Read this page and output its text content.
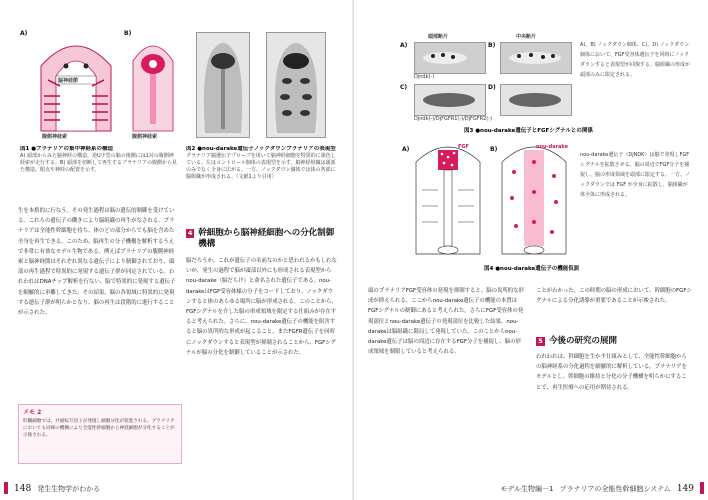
A)	B)
脳神経節
腹側神経索	腹側神経索
図1 ●プラナリアの集中神経系の構造
A) 頭部からみた脳神経の構造。逆U字型の脳の後側には1対の腹側神経索が走行する。B) 頭部を切断して再生するプラナリアの腹側から見た構造。眼点や神経の配置を示す。
図2 ●nou-darake遺伝子ノックダウンプラナリアの表現型
グラナリア脳遺伝子プローブを用いて脳神経細胞を特異的に染色している。左はコントロール個体の表現型を示す。脳神経組織は頭部のみでなく全身に広がる。一方、ノックダウン個体では体の各部に脳組織が形成される。（文献1より引用）
生を本格的に行なう。その発生過程は脳の遺伝的制御を受けている。これらの遺伝子の働きにより脳組織の再生がなされる。プラナリアは全能性幹細胞を持ち、体のどの部分からでも脳を含めた全身を再生できる。このため、脳再生の分子機構を解析するうえで非常に有効なモデル生物である。例えばプラナリアの腹側神経索と脳神経節はそれぞれ異なる遺伝子により制御されており、頭部の再生過程で特異的に発現する遺伝子群が同定されている。われわれはDNAチップ解析を行ない、脳で特異的に発現する遺伝子を網羅的に単離してきた。その結果、脳の各領域に特異的に発現する遺伝子群が明らかとなり、脳の再生は段階的に進行することが示された。
4 幹細胞から脳神経細胞への分化制御機構
脳だろうか。これが遺伝子の名前なのかと思われるかもしれないが、発生の過程で脳が頭部以外にも形成される表現型からnou-darake（脳だらけ）と命名された遺伝子である。nou-darakeはFGF受容体様の分子をコードしており、ノックダウンすると体のあらゆる場所に脳が形成される。このことから、FGFシグナルを介した脳の形成領域を限定する仕組みが存在すると考えられた。さらに、nou-darake遺伝子の機能を阻害すると脳の異所的な形成が起こること、またFGFR遺伝子を同時にノックダウンすると表現型が抑制されることから、FGFシグナルが脳の分化を制御していることが示された。
メモ 2
肝臓細胞では、共通転写因子が発現し細胞分化が促進される。プラナリアにおいても同様の機構により全能性幹細胞から神経細胞が分化することが示唆される。
148 発生生物学がわかる
頭部断片	中央断片
A)	B)
Djndk(-)
C)	D)
Djndk(-)/DjFGFR1(-)/DjFGFR2(-)
A)、B) ノックダウン個体。C)、D) ノックダウン個体において、FGF受容体遺伝子を同時にノックダウンすると表現型が回復する。脳組織の形成が頭部のみに限定される。
図3 ●nou-darake遺伝子とFGFシグナルとの関係
A)	B)
FGF	nou-darake
nou-darake遺伝子（DjNDK）は脳で発現しFGFシグナルを拡散させる。脳の周辺でFGF分子を捕捉し、脳の形成領域を頭部に限定する。一方、ノックダウンでは FGF が全身に拡散し、脳組織が体全体に形成される。
図4 ●nou-darake遺伝子の機能仮説
頭のプラナリアFGF受容体の発現を抑制すると、脳の異所的な形成が抑えられる。ここからnou-darake遺伝子の機能の本質はFGFシグナルの制御にあると考えられた。さらにFGF受容体の発現部位とnou-darake遺伝子の発現部位を比較した結果、nou-darakeは脳組織に限局して発現していた。このことからnou-darake遺伝子は脳の周辺に存在するFGF分子を捕捉し、脳の形成領域を制限していると考えられる。
ことがわかった。この時期の脳の形成において、幹細胞のFGFシグナルによる分化誘導が重要であることが示唆された。
5 今後の研究の展開
われわれは、幹細胞を生かす仕組みとして、全能性幹細胞からの脳神経系の分化過程を網羅的に解析している。プラナリアをモデルとし、幹細胞の維持と分化の分子機構を明らかにすることで、再生医療への応用が期待される。
モデル生物編－1 プラナリアの全能性幹細胞システム 149
